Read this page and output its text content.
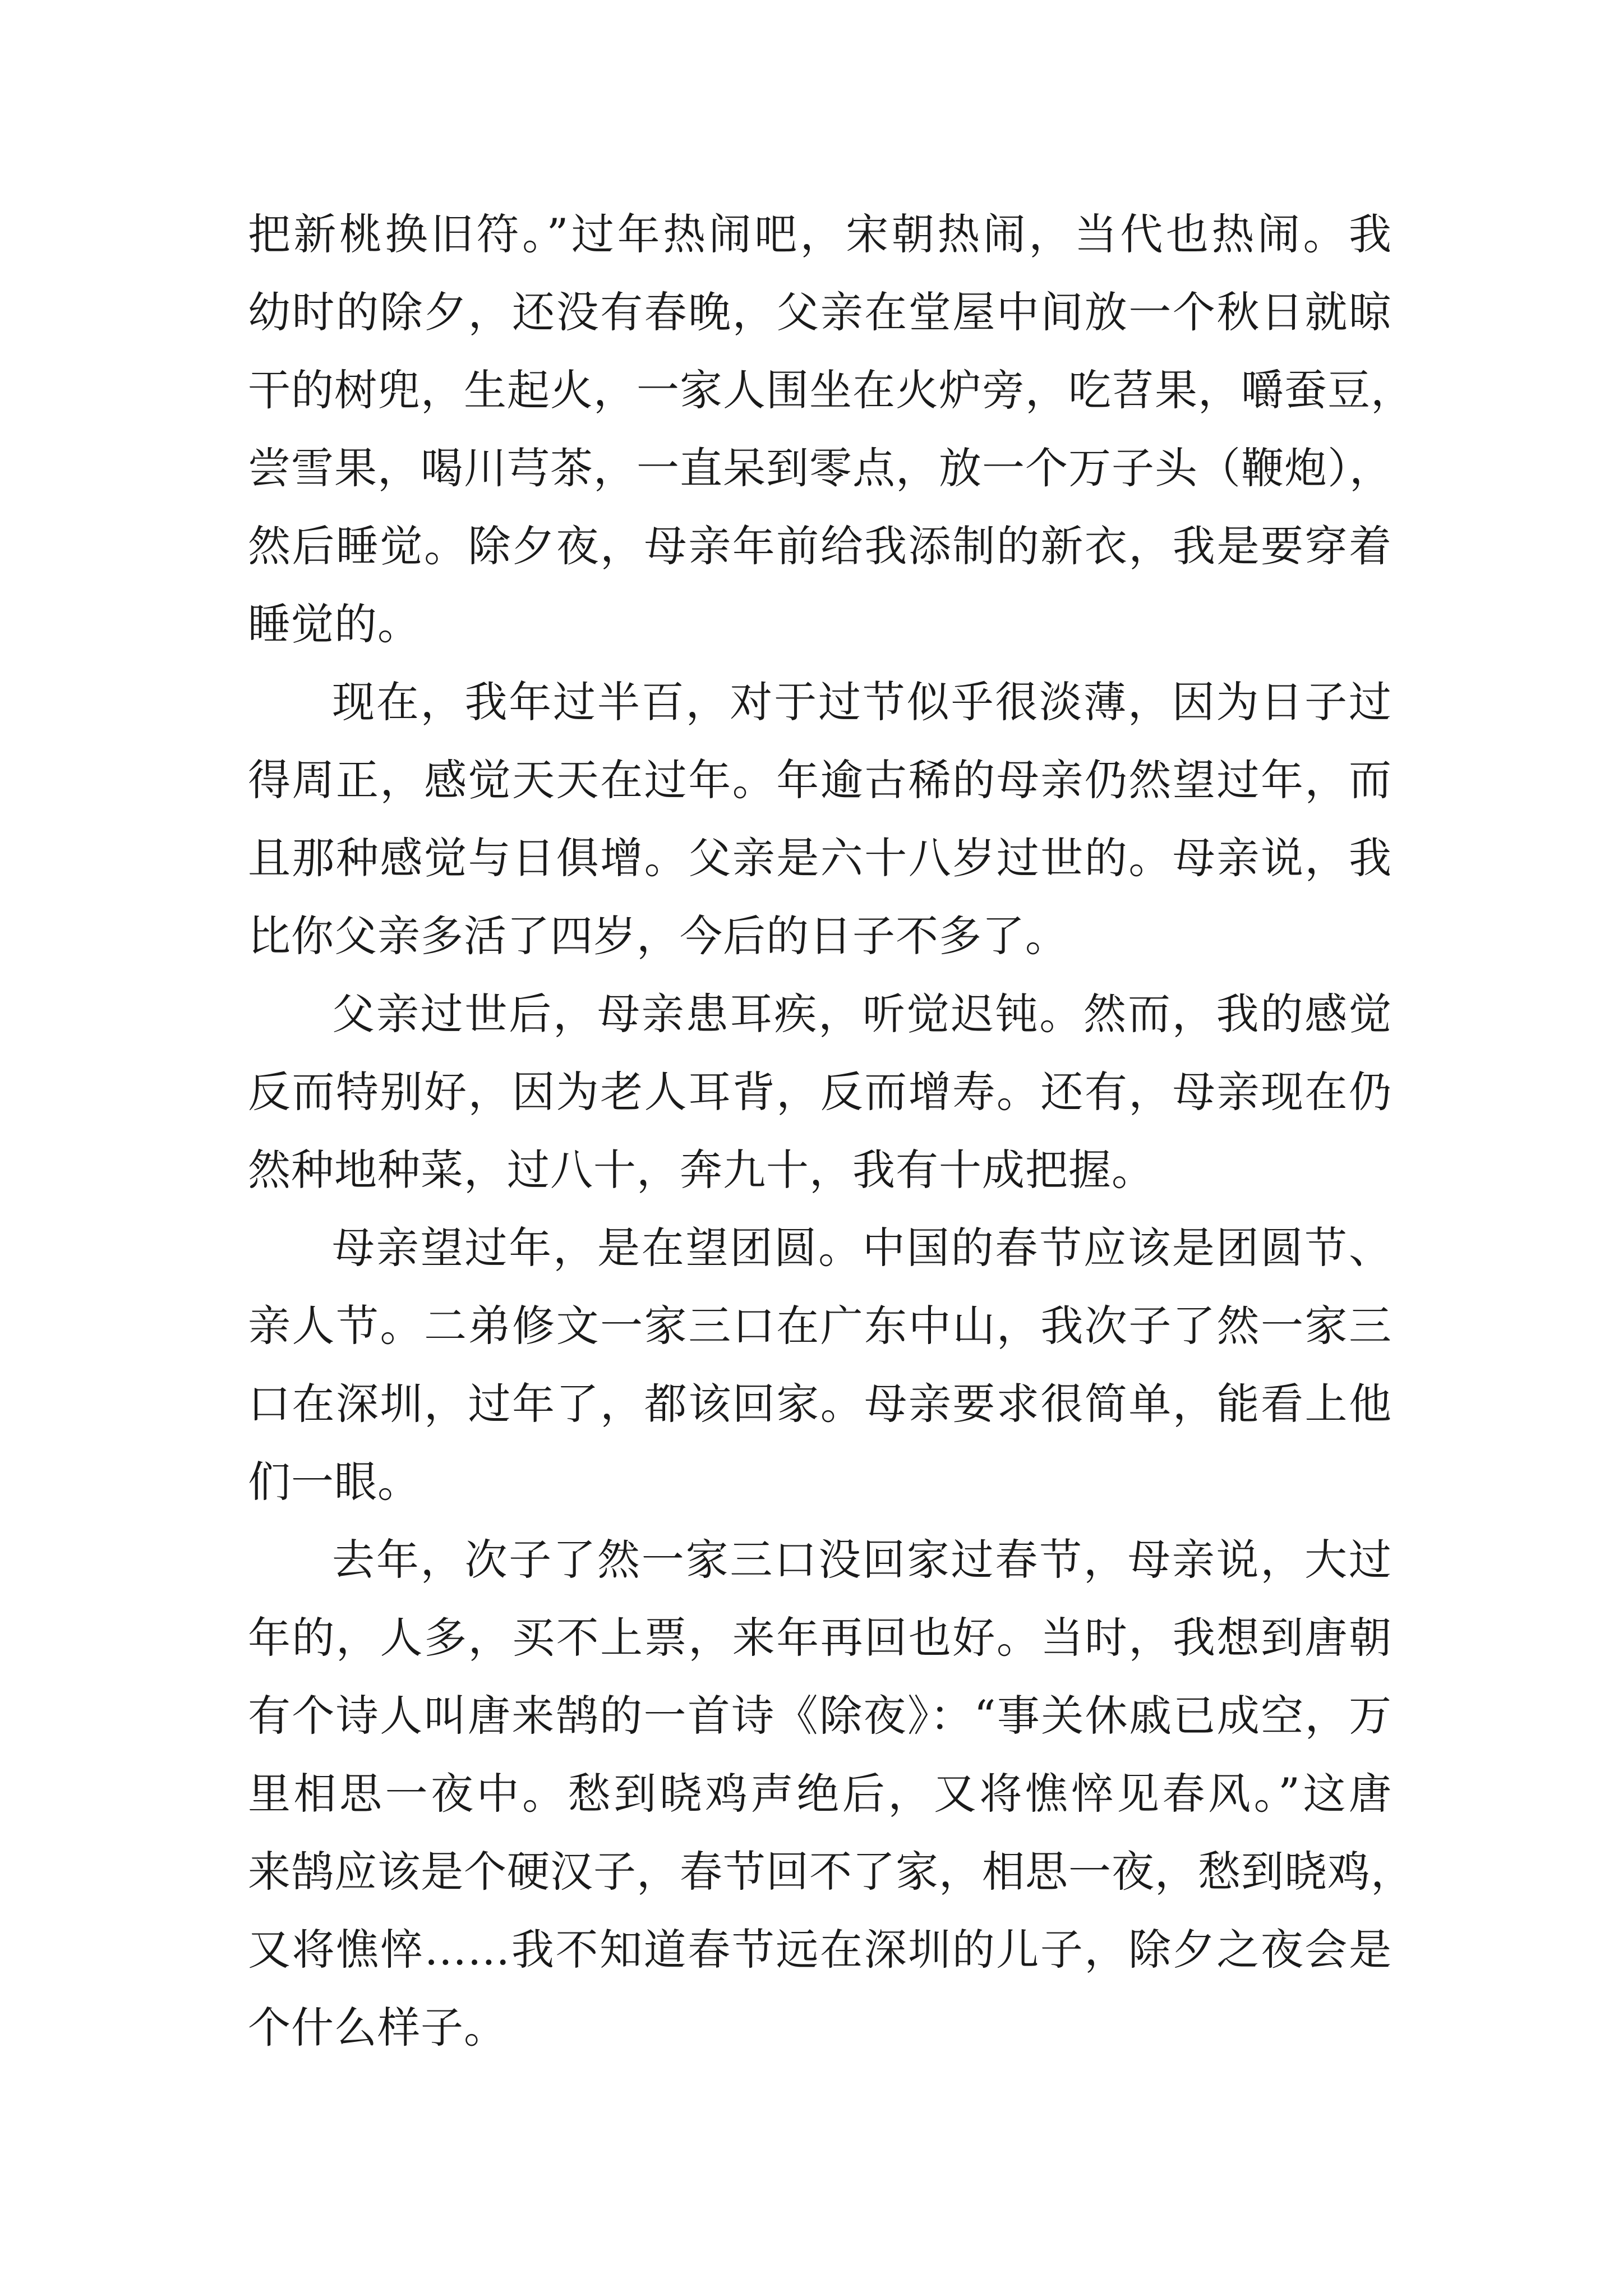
把新桃换旧符。”过年热闹吧，宋朝热闹，当代也热闹。我
幼时的除夕，还没有春晚，父亲在堂屋中间放一个秋日就晾
干的树兜，生起火，一家人围坐在火炉旁，吃苕果，嚼蚕豆，
尝雪果，喝川芎茶，一直呆到零点，放一个万子头（鞭炮），
然后睡觉。除夕夜，母亲年前给我添制的新衣，我是要穿着
睡觉的。
现在，我年过半百，对于过节似乎很淡薄，因为日子过
得周正，感觉天天在过年。年逾古稀的母亲仍然望过年，而
且那种感觉与日俱增。父亲是六十八岁过世的。母亲说，我
比你父亲多活了四岁，今后的日子不多了。
父亲过世后，母亲患耳疾，听觉迟钝。然而，我的感觉
反而特别好，因为老人耳背，反而增寿。还有，母亲现在仍
然种地种菜，过八十，奔九十，我有十成把握。
母亲望过年，是在望团圆。中国的春节应该是团圆节、
亲人节。二弟修文一家三口在广东中山，我次子了然一家三
口在深圳，过年了，都该回家。母亲要求很简单，能看上他
们一眼。
去年，次子了然一家三口没回家过春节，母亲说，大过
年的，人多，买不上票，来年再回也好。当时，我想到唐朝
有个诗人叫唐来鹄的一首诗《除夜》：“事关休戚已成空，万
里相思一夜中。愁到晓鸡声绝后，又将憔悴见春风。”这唐
来鹄应该是个硬汉子，春节回不了家，相思一夜，愁到晓鸡，
又将憔悴……我不知道春节远在深圳的儿子，除夕之夜会是
个什么样子。
